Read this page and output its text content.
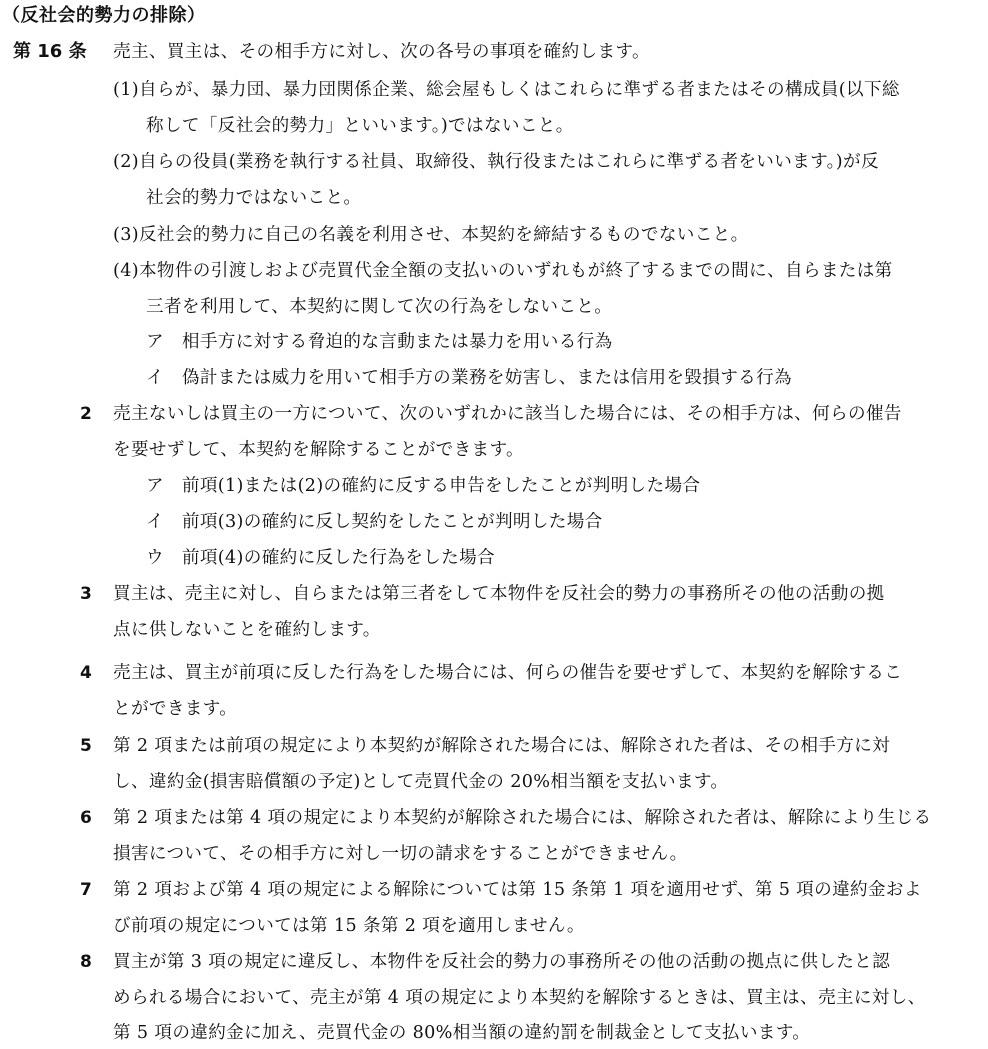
（反社会的勢力の排除）
第 16 条 売主、買主は、その相手方に対し、次の各号の事項を確約します。
(1)自らが、暴力団、暴力団関係企業、総会屋もしくはこれらに準ずる者またはその構成員(以下総
称して「反社会的勢力」といいます。)ではないこと。
(2)自らの役員(業務を執行する社員、取締役、執行役またはこれらに準ずる者をいいます。)が反
社会的勢力ではないこと。
(3)反社会的勢力に自己の名義を利用させ、本契約を締結するものでないこと。
(4)本物件の引渡しおよび売買代金全額の支払いのいずれもが終了するまでの間に、自らまたは第
三者を利用して、本契約に関して次の行為をしないこと。
ア　相手方に対する脅迫的な言動または暴力を用いる行為
イ　偽計または威力を用いて相手方の業務を妨害し、または信用を毀損する行為
2 売主ないしは買主の一方について、次のいずれかに該当した場合には、その相手方は、何らの催告
を要せずして、本契約を解除することができます。
ア　前項(1)または(2)の確約に反する申告をしたことが判明した場合
イ　前項(3)の確約に反し契約をしたことが判明した場合
ウ　前項(4)の確約に反した行為をした場合
3 買主は、売主に対し、自らまたは第三者をして本物件を反社会的勢力の事務所その他の活動の拠
点に供しないことを確約します。
4 売主は、買主が前項に反した行為をした場合には、何らの催告を要せずして、本契約を解除するこ
とができます。
5 第 2 項または前項の規定により本契約が解除された場合には、解除された者は、その相手方に対
し、違約金(損害賠償額の予定)として売買代金の 20%相当額を支払います。
6 第 2 項または第 4 項の規定により本契約が解除された場合には、解除された者は、解除により生じる
損害について、その相手方に対し一切の請求をすることができません。
7 第 2 項および第 4 項の規定による解除については第 15 条第 1 項を適用せず、第 5 項の違約金およ
び前項の規定については第 15 条第 2 項を適用しません。
8 買主が第 3 項の規定に違反し、本物件を反社会的勢力の事務所その他の活動の拠点に供したと認
められる場合において、売主が第 4 項の規定により本契約を解除するときは、買主は、売主に対し、
第 5 項の違約金に加え、売買代金の 80%相当額の違約罰を制裁金として支払います。
